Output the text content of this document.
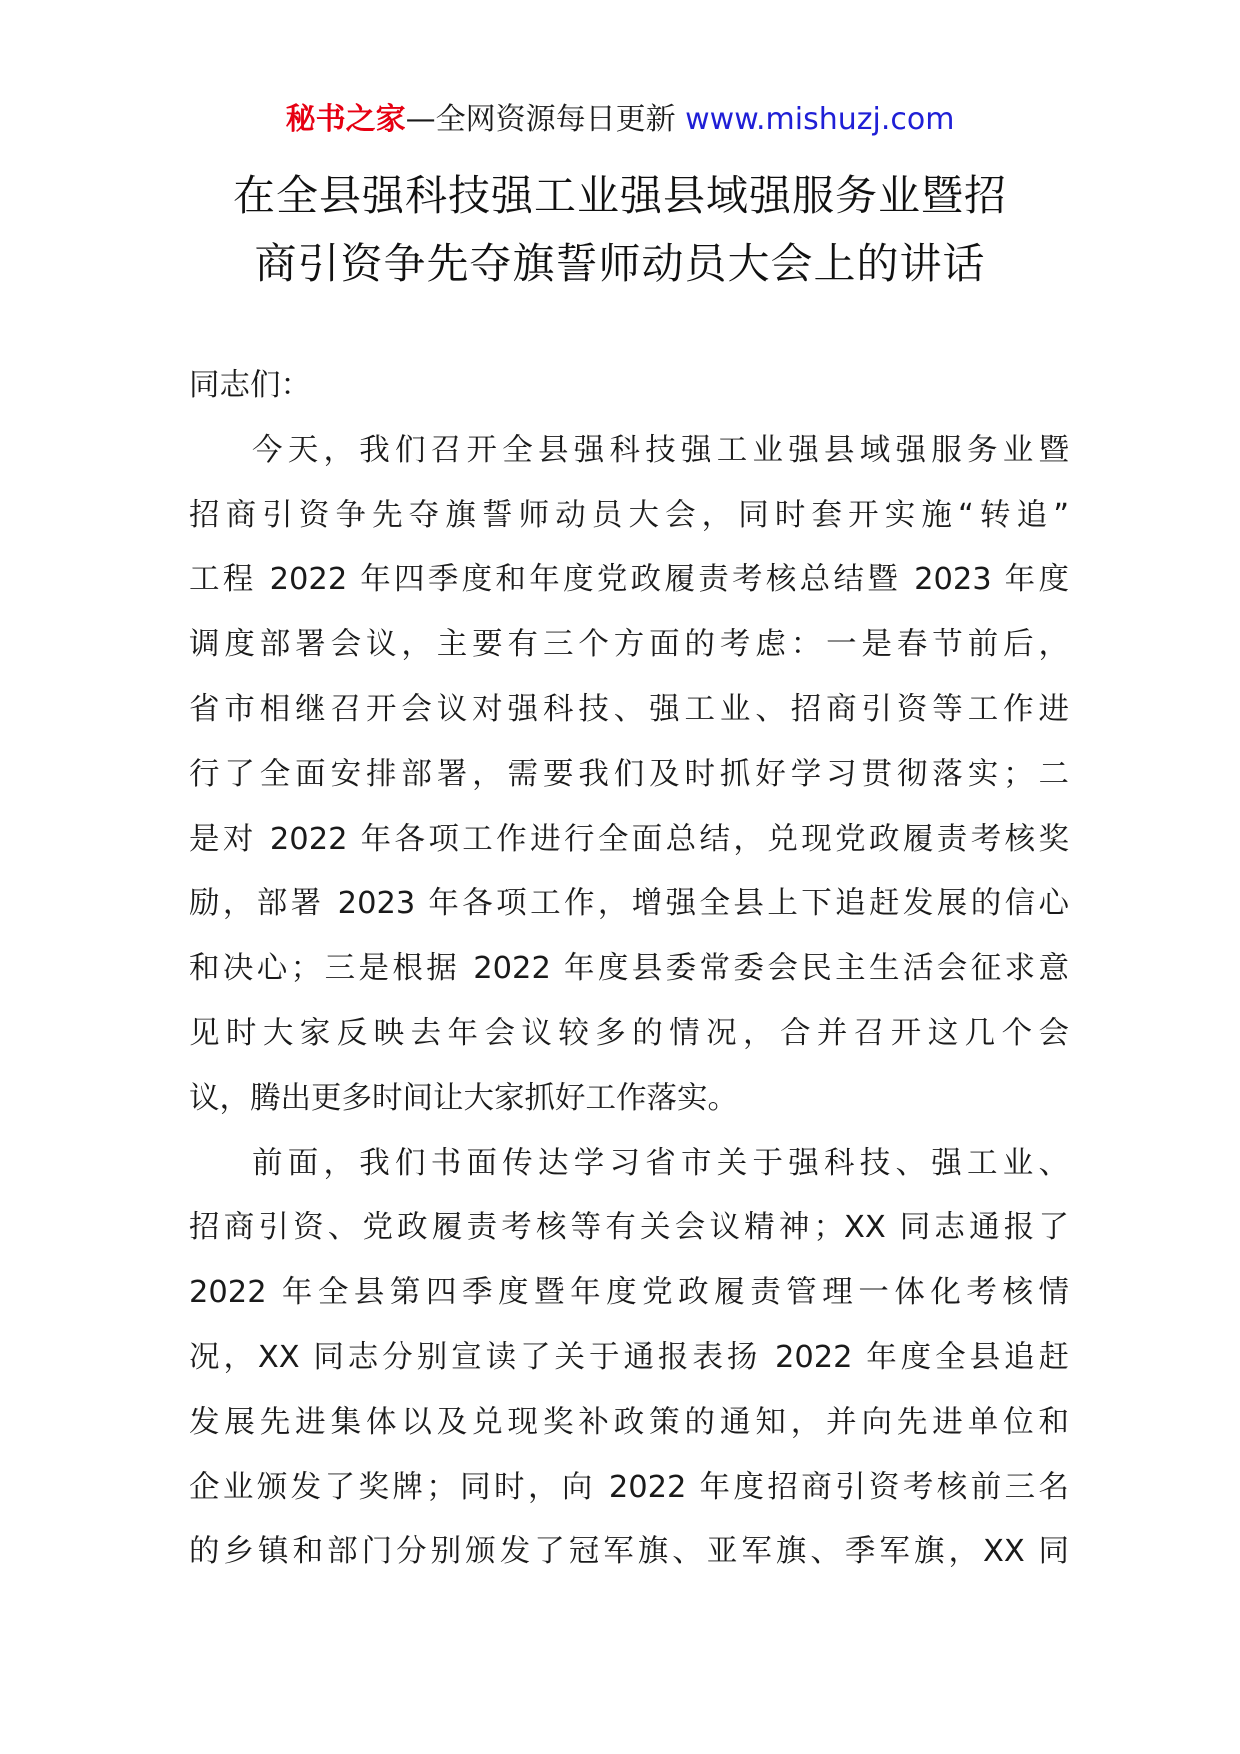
秘书之家—全网资源每日更新 www.mishuzj.com
在全县强科技强工业强县域强服务业暨招
商引资争先夺旗誓师动员大会上的讲话
同志们：
今天，我们召开全县强科技强工业强县域强服务业暨
招商引资争先夺旗誓师动员大会，同时套开实施“转追”
工程 2022 年四季度和年度党政履责考核总结暨 2023 年度
调度部署会议，主要有三个方面的考虑：一是春节前后，
省市相继召开会议对强科技、强工业、招商引资等工作进
行了全面安排部署，需要我们及时抓好学习贯彻落实；二
是对 2022 年各项工作进行全面总结，兑现党政履责考核奖
励，部署 2023 年各项工作，增强全县上下追赶发展的信心
和决心；三是根据 2022 年度县委常委会民主生活会征求意
见时大家反映去年会议较多的情况，合并召开这几个会
议，腾出更多时间让大家抓好工作落实。
前面，我们书面传达学习省市关于强科技、强工业、
招商引资、党政履责考核等有关会议精神；XX 同志通报了
2022 年全县第四季度暨年度党政履责管理一体化考核情
况，XX 同志分别宣读了关于通报表扬 2022 年度全县追赶
发展先进集体以及兑现奖补政策的通知，并向先进单位和
企业颁发了奖牌；同时，向 2022 年度招商引资考核前三名
的乡镇和部门分别颁发了冠军旗、亚军旗、季军旗，XX 同
